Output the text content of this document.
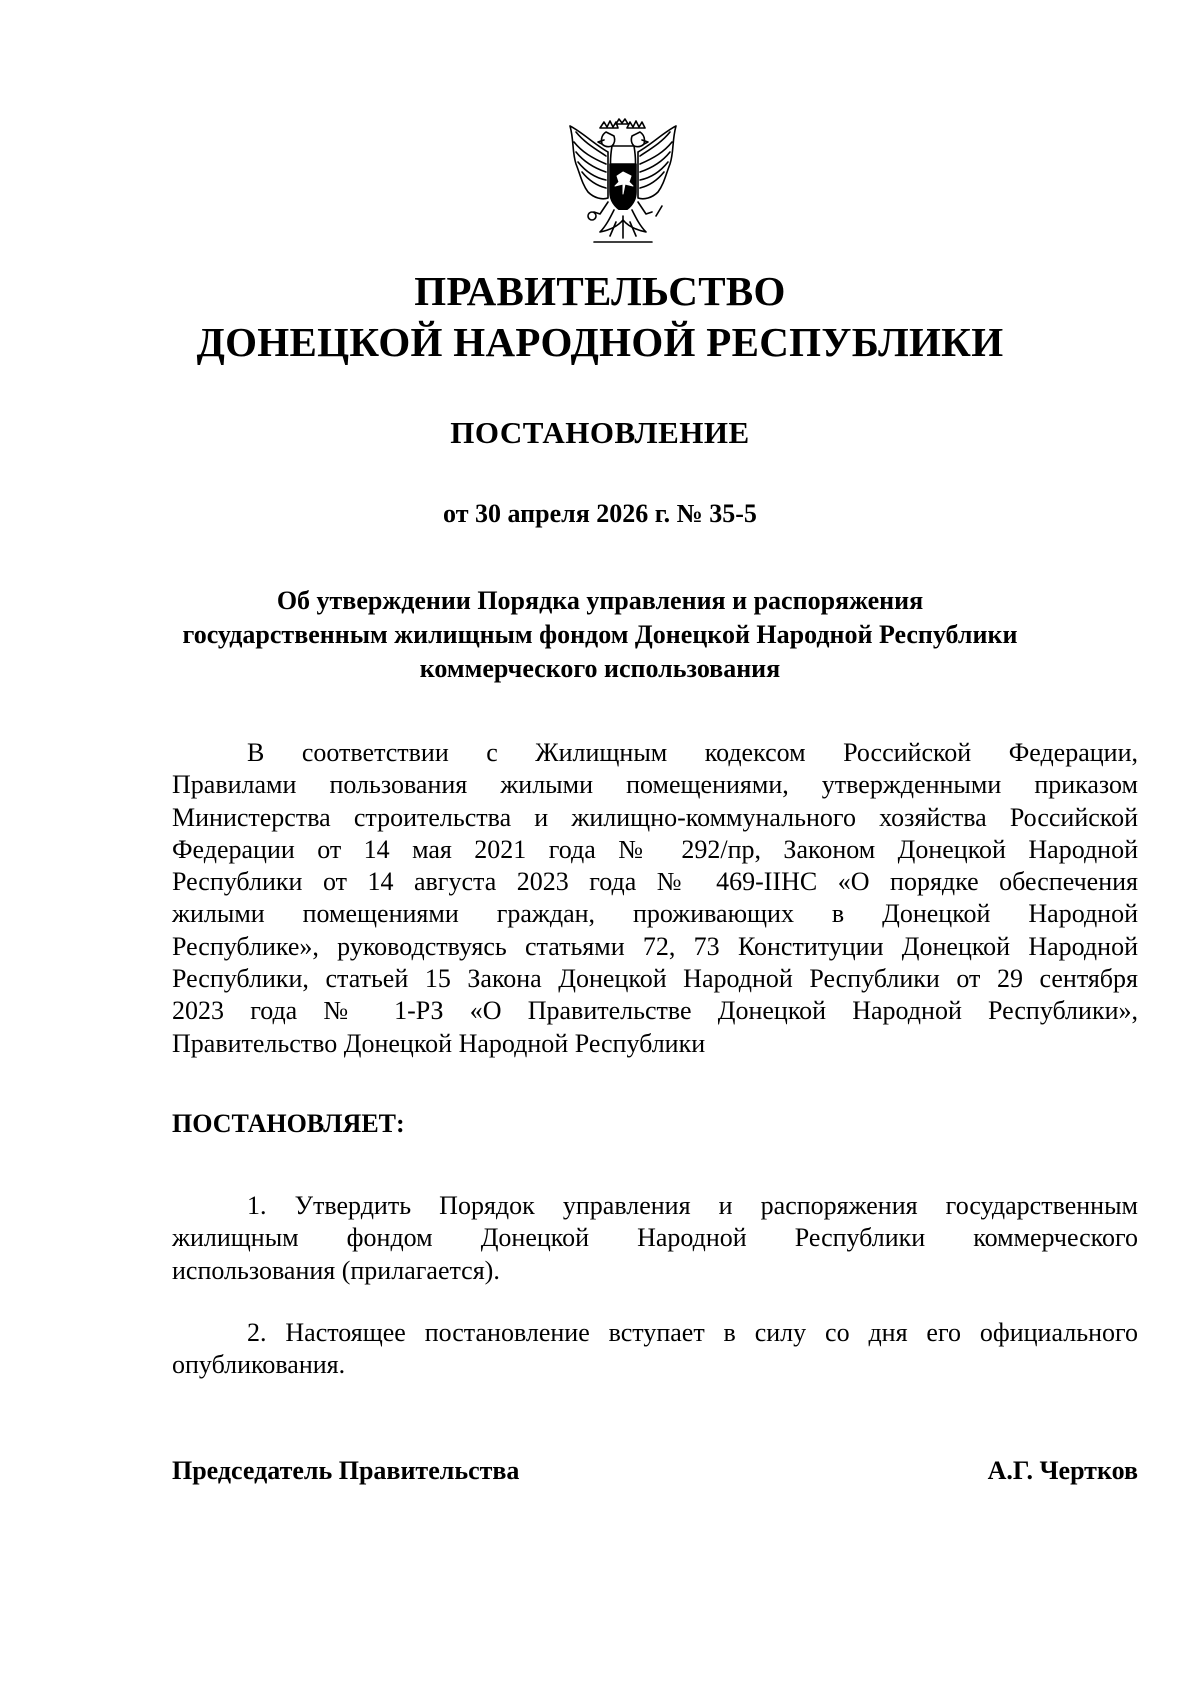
ПРАВИТЕЛЬСТВО
ДОНЕЦКОЙ НАРОДНОЙ РЕСПУБЛИКИ
ПОСТАНОВЛЕНИЕ
от 30 апреля 2026 г. № 35-5
Об утверждении Порядка управления и распоряжения
государственным жилищным фондом Донецкой Народной Республики
коммерческого использования
В соответствии с Жилищным кодексом Российской Федерации,
Правилами пользования жилыми помещениями, утвержденными приказом
Министерства строительства и жилищно-коммунального хозяйства Российской
Федерации от 14 мая 2021 года № 292/пр, Законом Донецкой Народной
Республики от 14 августа 2023 года № 469-IIНС «О порядке обеспечения
жилыми помещениями граждан, проживающих в Донецкой Народной
Республике», руководствуясь статьями 72, 73 Конституции Донецкой Народной
Республики, статьей 15 Закона Донецкой Народной Республики от 29 сентября
2023 года № 1-РЗ «О Правительстве Донецкой Народной Республики»,
Правительство Донецкой Народной Республики
ПОСТАНОВЛЯЕТ:
1. Утвердить Порядок управления и распоряжения государственным
жилищным фондом Донецкой Народной Республики коммерческого
использования (прилагается).
2. Настоящее постановление вступает в силу со дня его официального
опубликования.
Председатель Правительства	А.Г. Чертков
